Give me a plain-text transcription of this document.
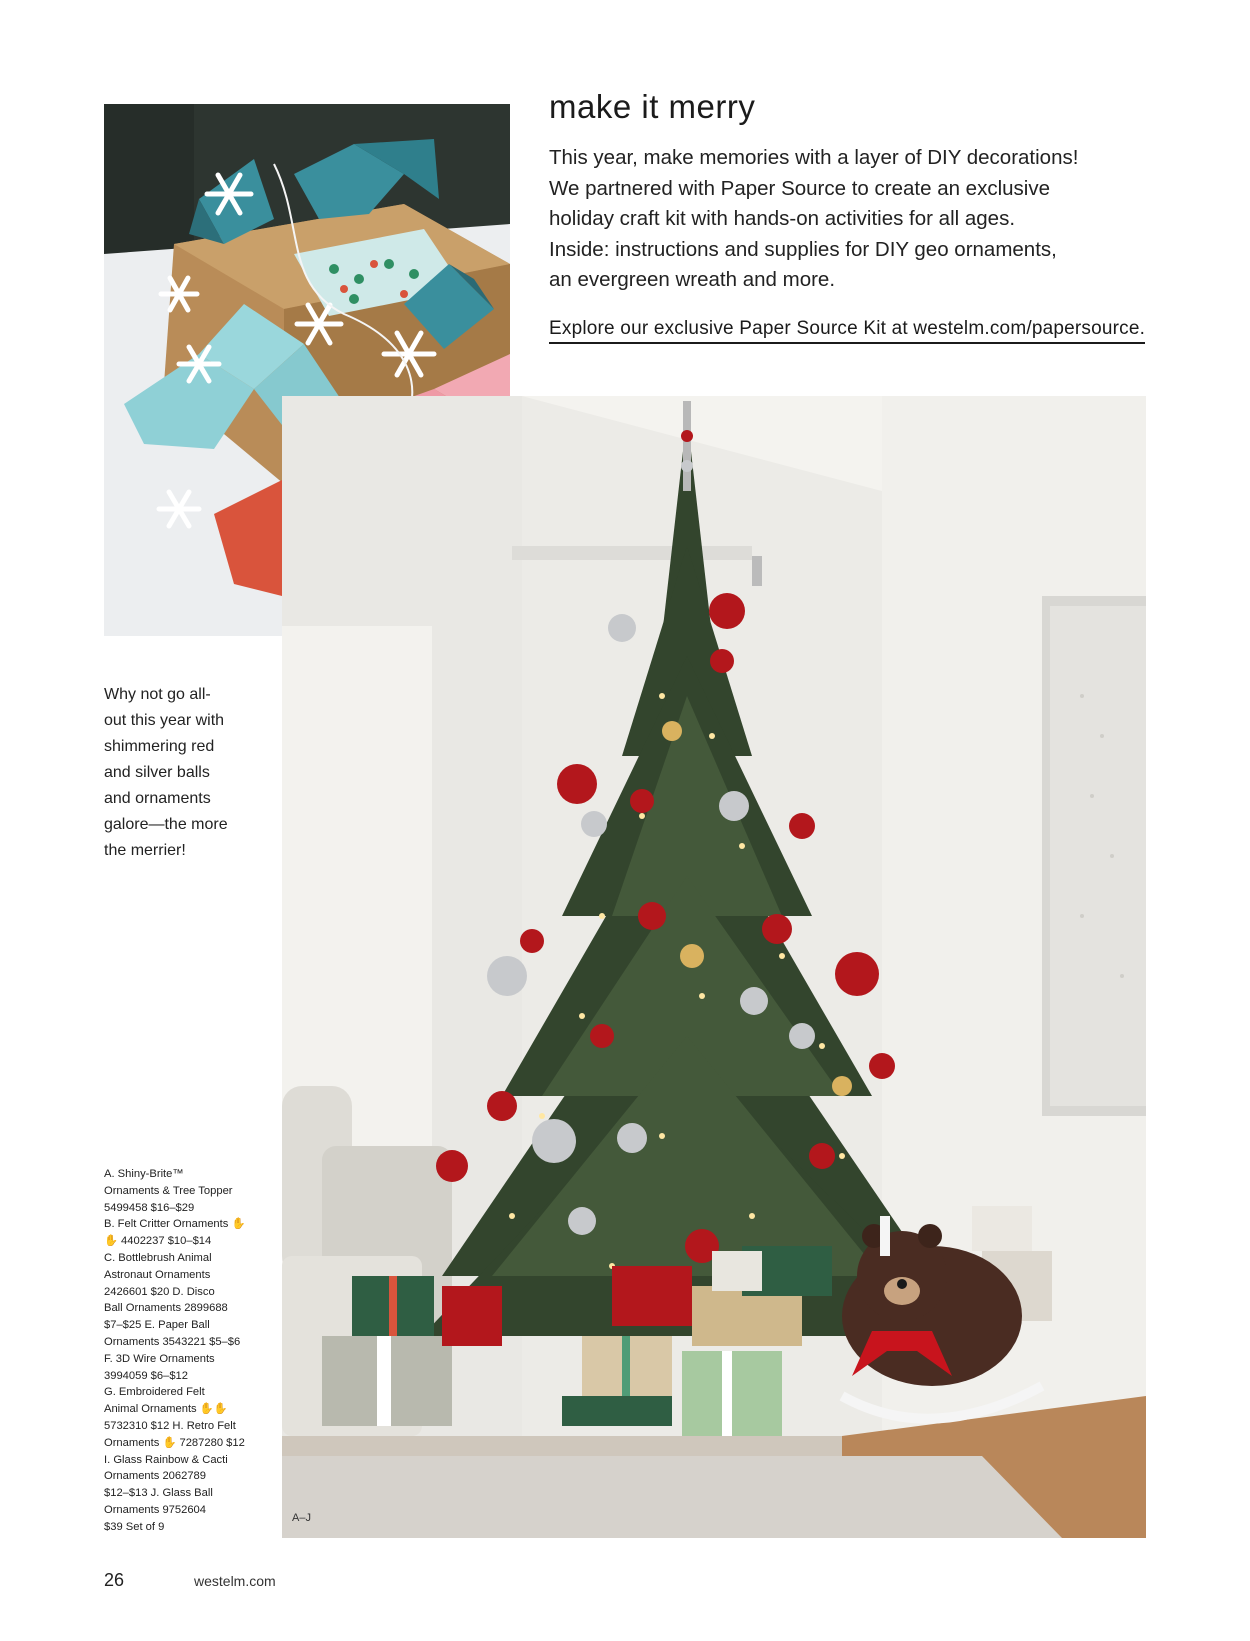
make it merry

This year, make memories with a layer of DIY decorations!
We partnered with Paper Source to create an exclusive
holiday craft kit with hands-on activities for all ages.
Inside: instructions and supplies for DIY geo ornaments,
an evergreen wreath and more.

Explore our exclusive Paper Source Kit at westelm.com/papersource.
A–J

Why not go all-
out this year with
shimmering red
and silver balls
and ornaments
galore—the more
the merrier!

A. Shiny-Brite™
Ornaments & Tree Topper
5499458 $16–$29
B. Felt Critter Ornaments ✋
✋ 4402237 $10–$14
C. Bottlebrush Animal
Astronaut Ornaments
2426601 $20 D. Disco
Ball Ornaments 2899688
$7–$25 E. Paper Ball
Ornaments 3543221 $5–$6
F. 3D Wire Ornaments
3994059 $6–$12
G. Embroidered Felt
Animal Ornaments ✋✋
5732310 $12 H. Retro Felt
Ornaments ✋ 7287280 $12
I. Glass Rainbow & Cacti
Ornaments 2062789
$12–$13 J. Glass Ball
Ornaments 9752604
$39 Set of 9

26	westelm.com
